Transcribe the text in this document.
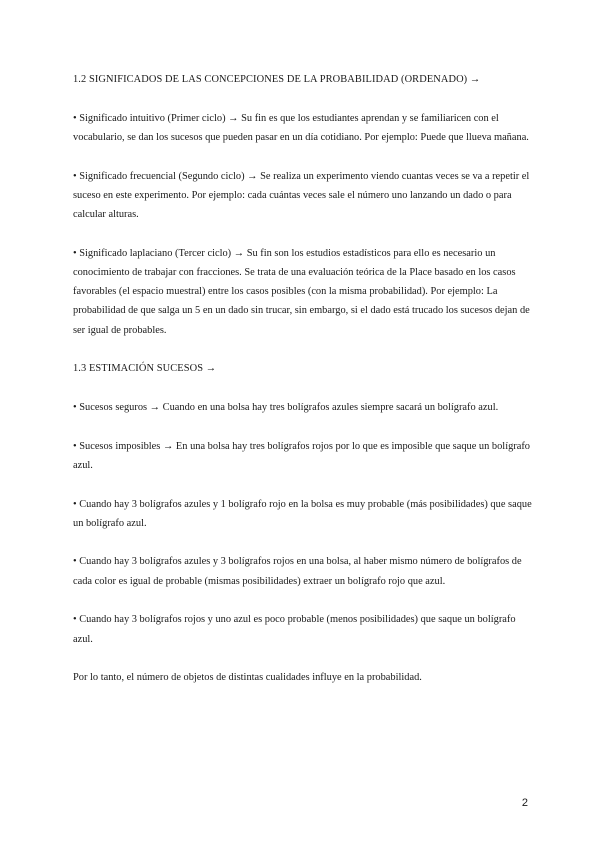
1.2 SIGNIFICADOS DE LAS CONCEPCIONES DE LA PROBABILIDAD (ORDENADO) →

• Significado intuitivo (Primer ciclo) → Su fin es que los estudiantes aprendan y se familiaricen con el vocabulario, se dan los sucesos que pueden pasar en un día cotidiano. Por ejemplo: Puede que llueva mañana.

• Significado frecuencial (Segundo ciclo) → Se realiza un experimento viendo cuantas veces se va a repetir el suceso en este experimento. Por ejemplo: cada cuántas veces sale el número uno lanzando un dado o para calcular alturas.

• Significado laplaciano (Tercer ciclo) → Su fin son los estudios estadísticos para ello es necesario un conocimiento de trabajar con fracciones. Se trata de una evaluación teórica de la Place basado en los casos favorables (el espacio muestral) entre los casos posibles (con la misma probabilidad). Por ejemplo: La probabilidad de que salga un 5 en un dado sin trucar, sin embargo, si el dado está trucado los sucesos dejan de ser igual de probables.

1.3 ESTIMACIÓN SUCESOS →

• Sucesos seguros → Cuando en una bolsa hay tres bolígrafos azules siempre sacará un bolígrafo azul.

• Sucesos imposibles → En una bolsa hay tres bolígrafos rojos por lo que es imposible que saque un bolígrafo azul.

• Cuando hay 3 bolígrafos azules y 1 bolígrafo rojo en la bolsa es muy probable (más posibilidades) que saque un bolígrafo azul.

• Cuando hay 3 bolígrafos azules y 3 bolígrafos rojos en una bolsa, al haber mismo número de bolígrafos de cada color es igual de probable (mismas posibilidades) extraer un bolígrafo rojo que azul.

• Cuando hay 3 bolígrafos rojos y uno azul es poco probable (menos posibilidades) que saque un bolígrafo azul.

Por lo tanto, el número de objetos de distintas cualidades influye en la probabilidad.

2
